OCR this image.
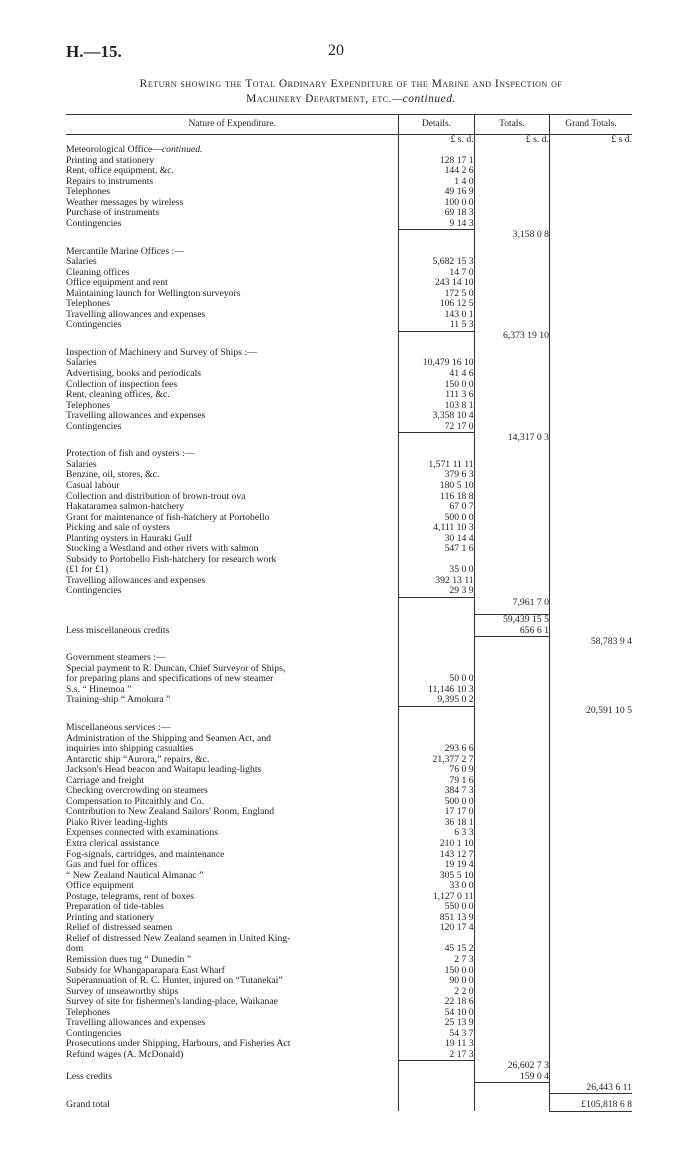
H.—15.	20
Return showing the Total Ordinary Expenditure of the Marine and Inspection of
Machinery Department, etc.—continued.
Nature of Expenditure.	Details.	Totals.	Grand Totals.
	£ s. d.	£ s. d.	£ s d.
Meteorological Office—continued.			
Printing and stationery	128 17 1		
Rent, office equipment, &c.	144 2 6		
Repairs to instruments	1 4 0		
Telephones	49 16 9		
Weather messages by wireless	100 0 0		
Purchase of instruments	69 18 3		
Contingencies	9 14 3		
		3,158 0 8	

Mercantile Marine Offices :—			
Salaries	5,682 15 3		
Cleaning offices	14 7 0		
Office equipment and rent	243 14 10		
Maintaining launch for Wellington surveyors	172 5 0		
Telephones	106 12 5		
Travelling allowances and expenses	143 0 1		
Contingencies	11 5 3		
		6,373 19 10	

Inspection of Machinery and Survey of Ships :—			
Salaries	10,479 16 10		
Advertising, books and periodicals	41 4 6		
Collection of inspection fees	150 0 0		
Rent, cleaning offices, &c.	111 3 6		
Telephones	103 8 1		
Travelling allowances and expenses	3,358 10 4		
Contingencies	72 17 0		
		14,317 0 3	

Protection of fish and oysters :—			
Salaries	1,571 11 11		
Benzine, oil, stores, &c.	379 6 3		
Casual labour	180 5 10		
Collection and distribution of brown-trout ova	116 18 8		
Hakataramea salmon-hatchery	67 0 7		
Grant for maintenance of fish-hatchery at Portobello	500 0 0		
Picking and sale of oysters	4,111 10 3		
Planting oysters in Hauraki Gulf	30 14 4		
Stocking a Westland and other rivers with salmon	547 1 6		
Subsidy to Portobello Fish-hatchery for research work			
(£1 for £1)	35 0 0		
Travelling allowances and expenses	392 13 11		
Contingencies	29 3 9		
		7,961 7 0	

		59,439 15 5	
Less miscellaneous credits		656 6 1	
			58,783 9 4

Government steamers :—			
Special payment to R. Duncan, Chief Surveyor of Ships,			
for preparing plans and specifications of new steamer	50 0 0		
S.s. “ Hinemoa ”	11,146 10 3		
Training-ship “ Amokura ”	9,395 0 2		
			20,591 10 5

Miscellaneous services :—			
Administration of the Shipping and Seamen Act, and			
inquiries into shipping casualties	293 6 6		
Antarctic ship “Aurora,” repairs, &c.	21,377 2 7		
Jackson's Head beacon and Waitapu leading-lights	76 0 9		
Carriage and freight	79 1 6		
Checking overcrowding on steamers	384 7 3		
Compensation to Pitcaithly and Co.	500 0 0		
Contribution to New Zealand Sailors' Room, England	17 17 0		
Piako River leading-lights	36 18 1		
Expenses connected with examinations	6 3 3		
Extra clerical assistance	210 1 10		
Fog-signals, cartridges, and maintenance	143 12 7		
Gas and fuel for offices	19 19 4		
“ New Zealand Nautical Almanac ”	305 5 10		
Office equipment	33 0 0		
Postage, telegrams, rent of boxes	1,127 0 11		
Preparation of tide-tables	550 0 0		
Printing and stationery	851 13 9		
Relief of distressed seamen	120 17 4		
Relief of distressed New Zealand seamen in United King-			
dom	45 15 2		
Remission dues tug “ Dunedin ”	2 7 3		
Subsidy for Whangaparapara East Wharf	150 0 0		
Superannuation of R. C. Hunter, injured on “Tutanekai”	90 0 0		
Survey of unseaworthy ships	2 2 0		
Survey of site for fishermen's landing-place, Waikanae	22 18 6		
Telephones	54 10 0		
Travelling allowances and expenses	25 13 9		
Contingencies	54 3 7		
Prosecutions under Shipping, Harbours, and Fisheries Act	19 11 3		
Refund wages (A. McDonald)	2 17 3		
		26,602 7 3	
Less credits		159 0 4	
			26,443 6 11

Grand total			£105,818 6 8
